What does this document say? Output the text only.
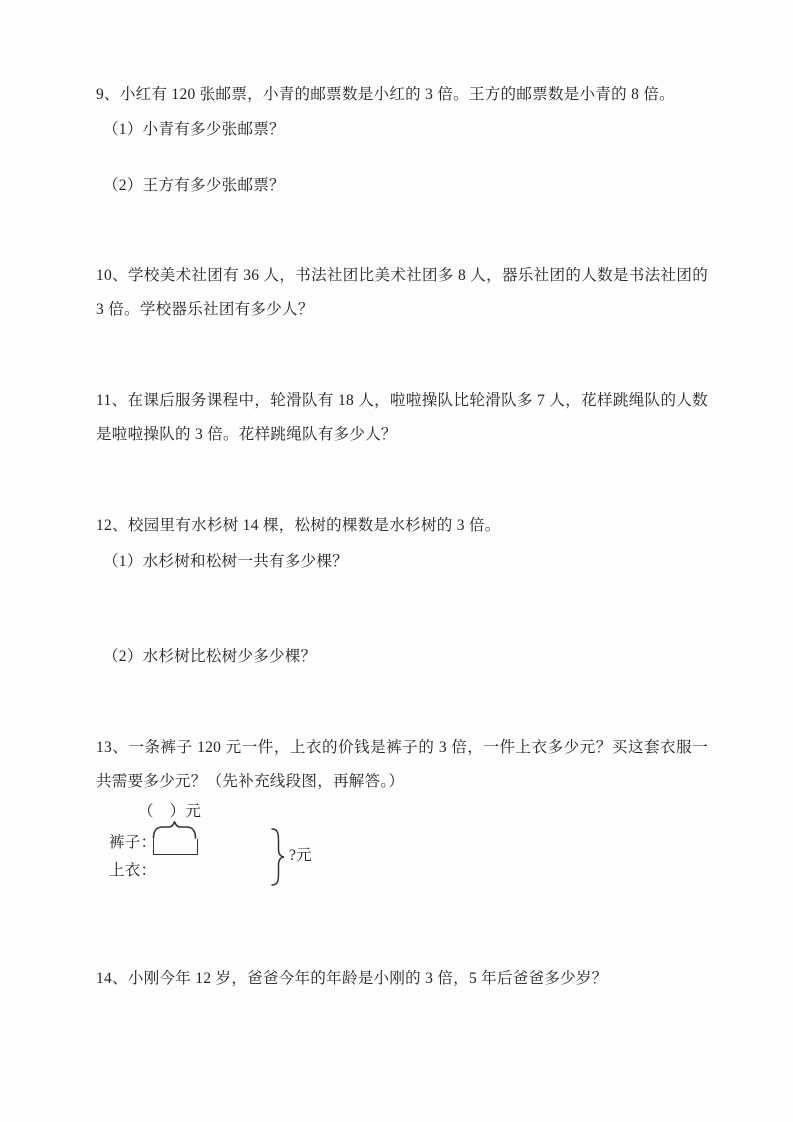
9、小红有 120 张邮票，小青的邮票数是小红的 3 倍。王方的邮票数是小青的 8 倍。

（1）小青有多少张邮票？

（2）王方有多少张邮票？

10、学校美术社团有 36 人，书法社团比美术社团多 8 人，器乐社团的人数是书法社团的 3 倍。学校器乐社团有多少人？

11、在课后服务课程中，轮滑队有 18 人，啦啦操队比轮滑队多 7 人，花样跳绳队的人数是啦啦操队的 3 倍。花样跳绳队有多少人？

12、校园里有水杉树 14 棵，松树的棵数是水杉树的 3 倍。

（1）水杉树和松树一共有多少棵？

（2）水杉树比松树少多少棵？

13、一条裤子 120 元一件，上衣的价钱是裤子的 3 倍，一件上衣多少元？买这套衣服一共需要多少元？（先补充线段图，再解答。）

（　）元
裤子：
上衣：
?元

14、小刚今年 12 岁，爸爸今年的年龄是小刚的 3 倍，5 年后爸爸多少岁？
